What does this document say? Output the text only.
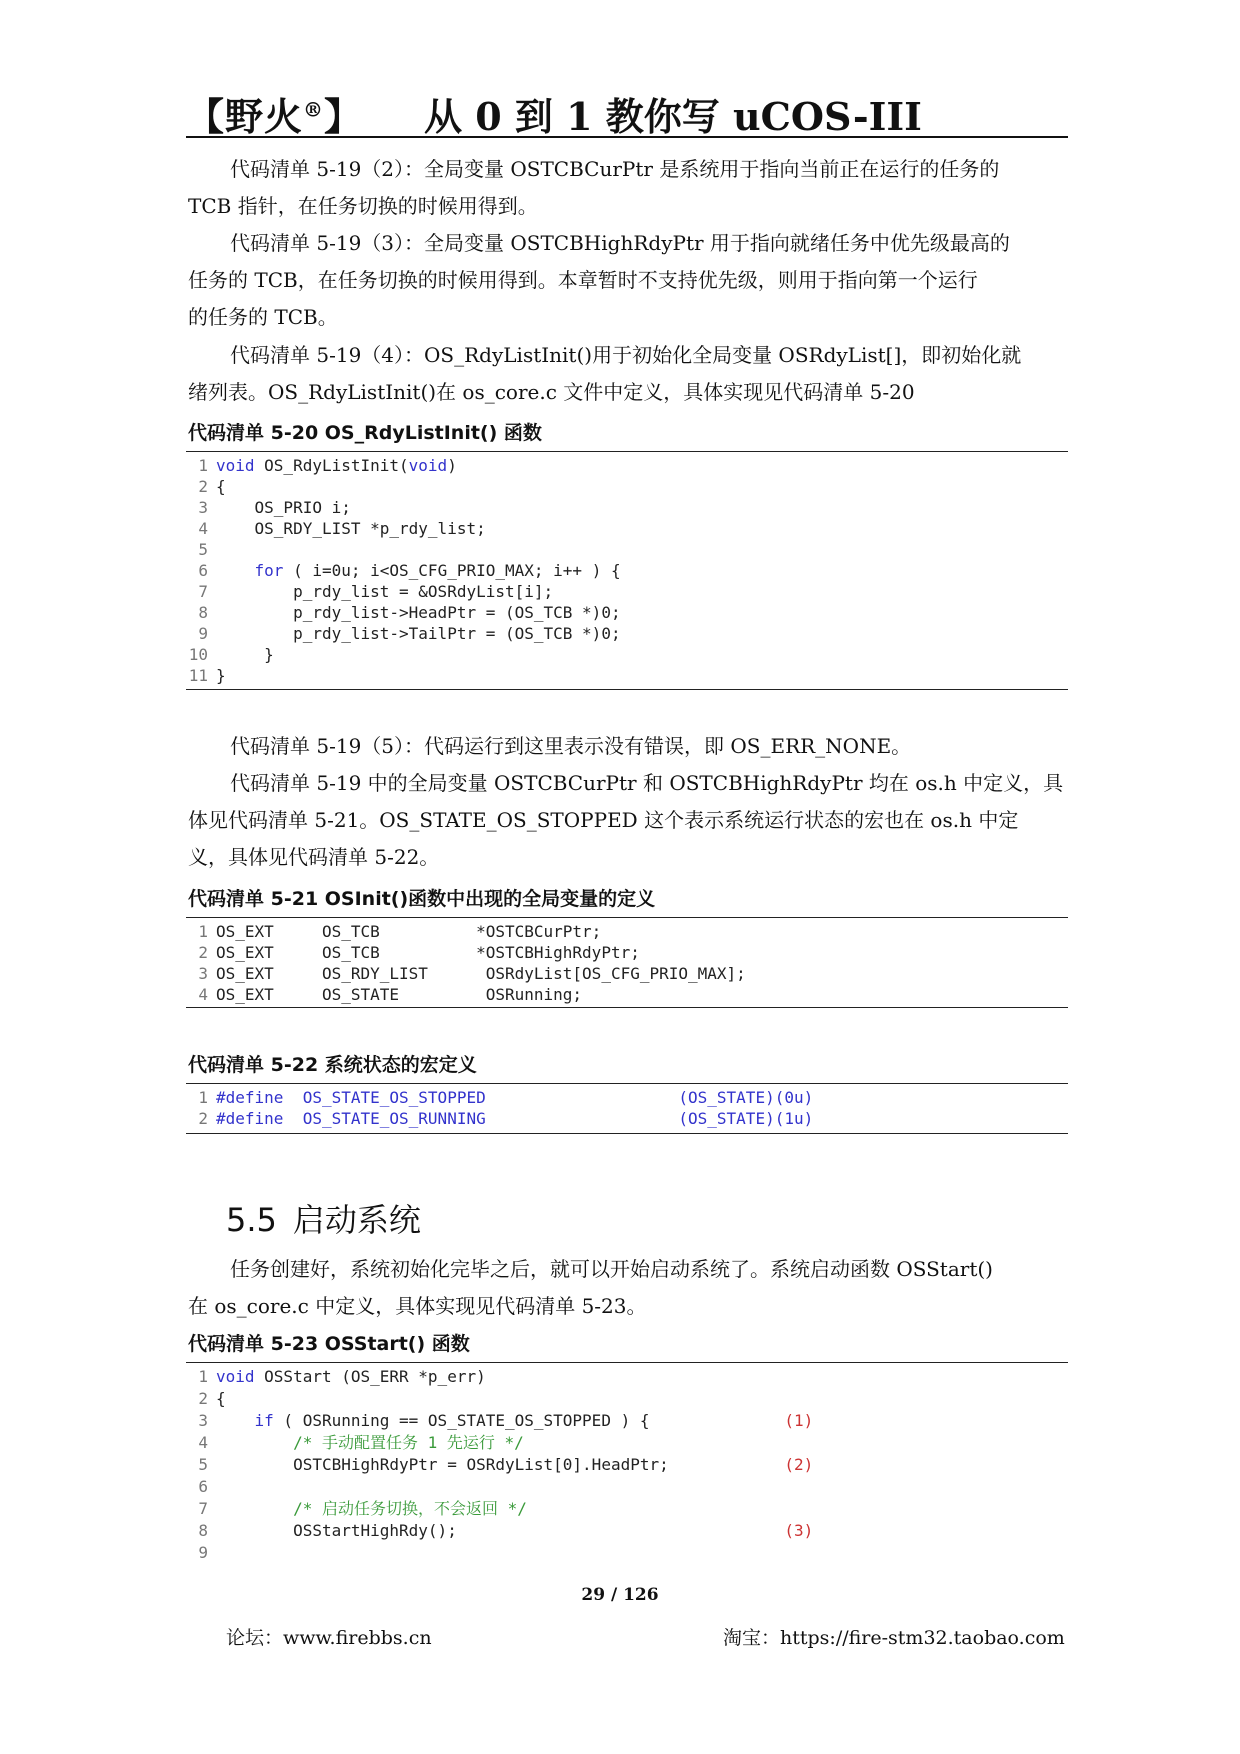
【野火®】 从 0 到 1 教你写 uCOS-III
代码清单 5-19（2）：全局变量 OSTCBCurPtr 是系统用于指向当前正在运行的任务的
TCB 指针，在任务切换的时候用得到。
代码清单 5-19（3）：全局变量 OSTCBHighRdyPtr 用于指向就绪任务中优先级最高的
任务的 TCB，在任务切换的时候用得到。本章暂时不支持优先级，则用于指向第一个运行
的任务的 TCB。
代码清单 5-19（4）：OS_RdyListInit()用于初始化全局变量 OSRdyList[]，即初始化就
绪列表。OS_RdyListInit()在 os_core.c 文件中定义，具体实现见代码清单 5-20
代码清单 5-20 OS_RdyListInit() 函数
1 void OS_RdyListInit(void)
2 {
3    OS_PRIO i;
4    OS_RDY_LIST *p_rdy_list;
5
6	for ( i=0u; i<OS_CFG_PRIO_MAX; i++ ) {
7        p_rdy_list = &OSRdyList[i];
8        p_rdy_list->HeadPtr = (OS_TCB *)0;
9        p_rdy_list->TailPtr = (OS_TCB *)0;
10     }
11 }
代码清单 5-19（5）：代码运行到这里表示没有错误，即 OS_ERR_NONE。
代码清单 5-19 中的全局变量 OSTCBCurPtr 和 OSTCBHighRdyPtr 均在 os.h 中定义，具
体见代码清单 5-21。OS_STATE_OS_STOPPED 这个表示系统运行状态的宏也在 os.h 中定
义，具体见代码清单 5-22。
代码清单 5-21 OSInit()函数中出现的全局变量的定义
1 OS_EXT     OS_TCB          *OSTCBCurPtr;
2 OS_EXT     OS_TCB          *OSTCBHighRdyPtr;
3 OS_EXT     OS_RDY_LIST      OSRdyList[OS_CFG_PRIO_MAX];
4 OS_EXT     OS_STATE         OSRunning;
代码清单 5-22 系统状态的宏定义
1 #define  OS_STATE_OS_STOPPED                    (OS_STATE)(0u)
2 #define  OS_STATE_OS_RUNNING                    (OS_STATE)(1u)
5.5 启动系统
任务创建好，系统初始化完毕之后，就可以开始启动系统了。系统启动函数 OSStart()
在 os_core.c 中定义，具体实现见代码清单 5-23。
代码清单 5-23 OSStart() 函数
1 void OSStart (OS_ERR *p_err)
2 {
3	if ( OSRunning == OS_STATE_OS_STOPPED ) {              (1)
4	/* 手动配置任务 1 先运行 */
5        OSTCBHighRdyPtr = OSRdyList[0].HeadPtr;            (2)
6
7	/* 启动任务切换，不会返回 */
8        OSStartHighRdy();                                  (3)
9
29 / 126
论坛：www.firebbs.cn	淘宝：https://fire-stm32.taobao.com
